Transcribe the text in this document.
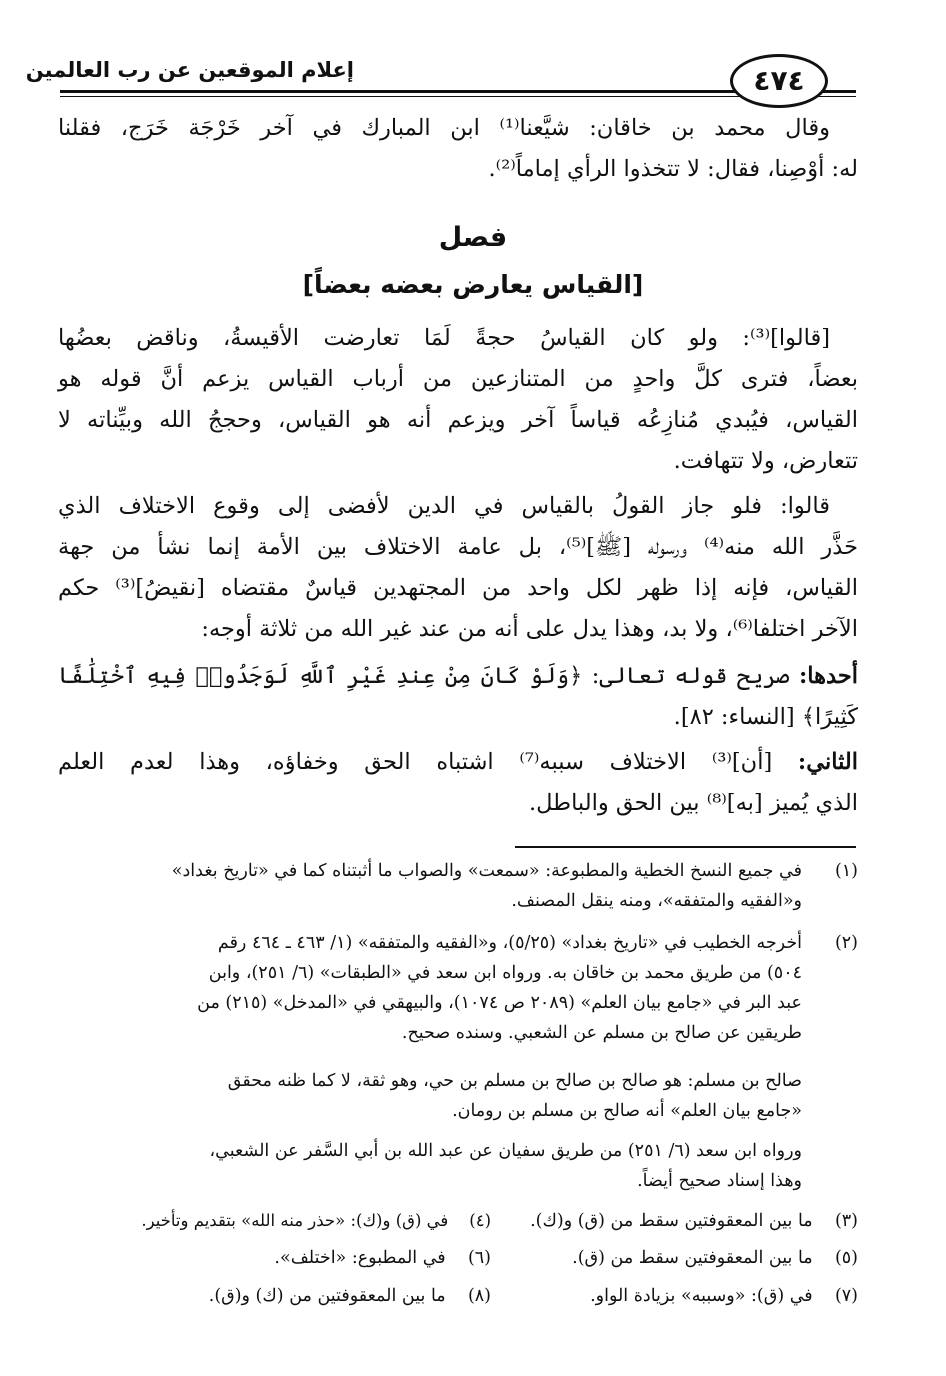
إعلام الموقعين عن رب العالمين	٤٧٤
وقال محمد بن خاقان: شيَّعنا⁽¹⁾ ابن المبارك في آخر خَرْجَة خَرَج، فقلنا
له: أوْصِنا، فقال: لا تتخذوا الرأي إماماً⁽²⁾.
فصل
[القياس يعارض بعضه بعضاً]
[قالوا]⁽³⁾: ولو كان القياسُ حجةً لَمَا تعارضت الأقيسةُ، وناقض بعضُها
بعضاً، فترى كلَّ واحدٍ من المتنازعين من أرباب القياس يزعم أنَّ قوله هو
القياس، فيُبدي مُنازِعُه قياساً آخر ويزعم أنه هو القياس، وحججُ الله وبيِّناته لا
تتعارض، ولا تتهافت.
قالوا: فلو جاز القولُ بالقياس في الدين لأفضى إلى وقوع الاختلاف الذي
حَذَّر الله منه⁽⁴⁾ ورسوله [ﷺ]⁽⁵⁾، بل عامة الاختلاف بين الأمة إنما نشأ من جهة
القياس، فإنه إذا ظهر لكل واحد من المجتهدين قياسٌ مقتضاه [نقيضُ]⁽³⁾ حكم
الآخر اختلفا⁽⁶⁾، ولا بد، وهذا يدل على أنه من عند غير الله من ثلاثة أوجه:
أحدها: صريح قوله تعالى: ﴿وَلَوْ كَانَ مِنْ عِندِ غَيْرِ ٱللَّهِ لَوَجَدُوا۟ فِيهِ ٱخْتِلَٰفًا
كَثِيرًا﴾ [النساء: ٨٢].
الثاني: [أن]⁽³⁾ الاختلاف سببه⁽⁷⁾ اشتباه الحق وخفاؤه، وهذا لعدم العلم
الذي يُميز [به]⁽⁸⁾ بين الحق والباطل.
(١)
في جميع النسخ الخطية والمطبوعة: «سمعت» والصواب ما أثبتناه كما في «تاريخ بغداد»
و«الفقيه والمتفقه»، ومنه ينقل المصنف.
(٢)
أخرجه الخطيب في «تاريخ بغداد» (٥/٢٥)، و«الفقيه والمتفقه» (١/ ٤٦٣ ـ ٤٦٤ رقم
٥٠٤) من طريق محمد بن خاقان به. ورواه ابن سعد في «الطبقات» (٦/ ٢٥١)، وابن
عبد البر في «جامع بيان العلم» (٢٠٨٩ ص ١٠٧٤)، والبيهقي في «المدخل» (٢١٥) من
طريقين عن صالح بن مسلم عن الشعبي. وسنده صحيح.
صالح بن مسلم: هو صالح بن صالح بن مسلم بن حي، وهو ثقة، لا كما ظنه محقق
«جامع بيان العلم» أنه صالح بن مسلم بن رومان.
ورواه ابن سعد (٦/ ٢٥١) من طريق سفيان عن عبد الله بن أبي السَّفر عن الشعبي،
وهذا إسناد صحيح أيضاً.
(٣)    ما بين المعقوفتين سقط من (ق) و(ك).
(٤)    في (ق) و(ك): «حذر منه الله» بتقديم وتأخير.
(٥)    ما بين المعقوفتين سقط من (ق).
(٦)    في المطبوع: «اختلف».
(٧)    في (ق): «وسببه» بزيادة الواو.
(٨)    ما بين المعقوفتين من (ك) و(ق).
